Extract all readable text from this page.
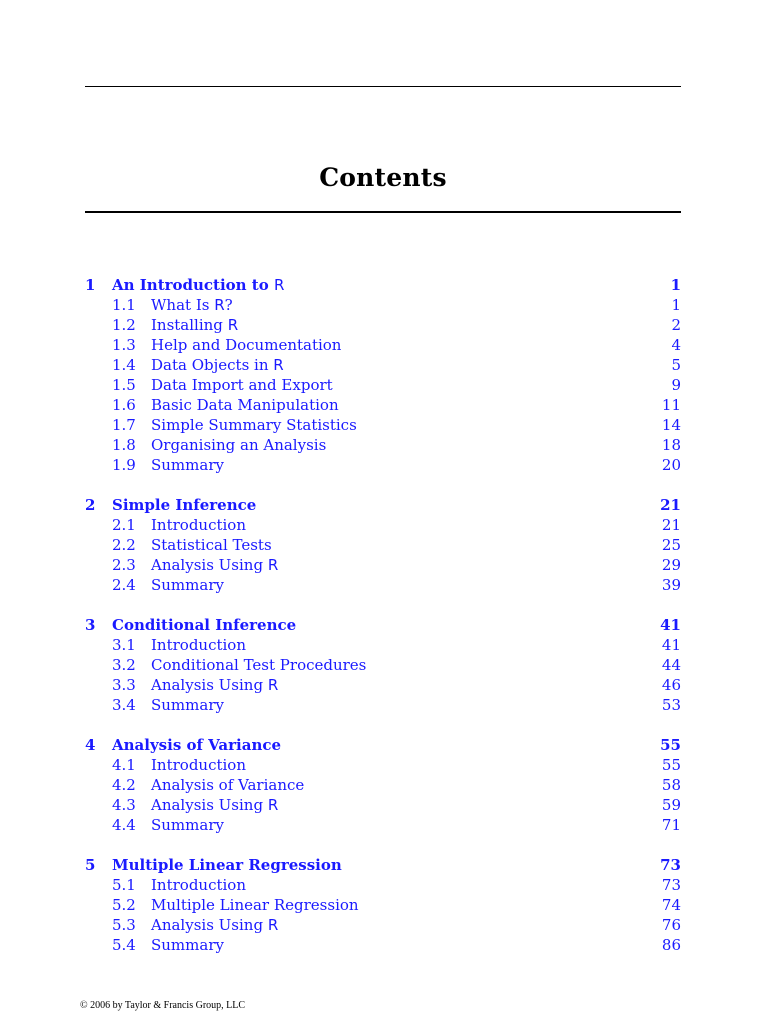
Contents
1 An Introduction to R	1
1.1 What Is R?	1
1.2 Installing R	2
1.3 Help and Documentation	4
1.4 Data Objects in R	5
1.5 Data Import and Export	9
1.6 Basic Data Manipulation	11
1.7 Simple Summary Statistics	14
1.8 Organising an Analysis	18
1.9 Summary	20
2 Simple Inference	21
2.1 Introduction	21
2.2 Statistical Tests	25
2.3 Analysis Using R	29
2.4 Summary	39
3 Conditional Inference	41
3.1 Introduction	41
3.2 Conditional Test Procedures	44
3.3 Analysis Using R	46
3.4 Summary	53
4 Analysis of Variance	55
4.1 Introduction	55
4.2 Analysis of Variance	58
4.3 Analysis Using R	59
4.4 Summary	71
5 Multiple Linear Regression	73
5.1 Introduction	73
5.2 Multiple Linear Regression	74
5.3 Analysis Using R	76
5.4 Summary	86
© 2006 by Taylor & Francis Group, LLC
